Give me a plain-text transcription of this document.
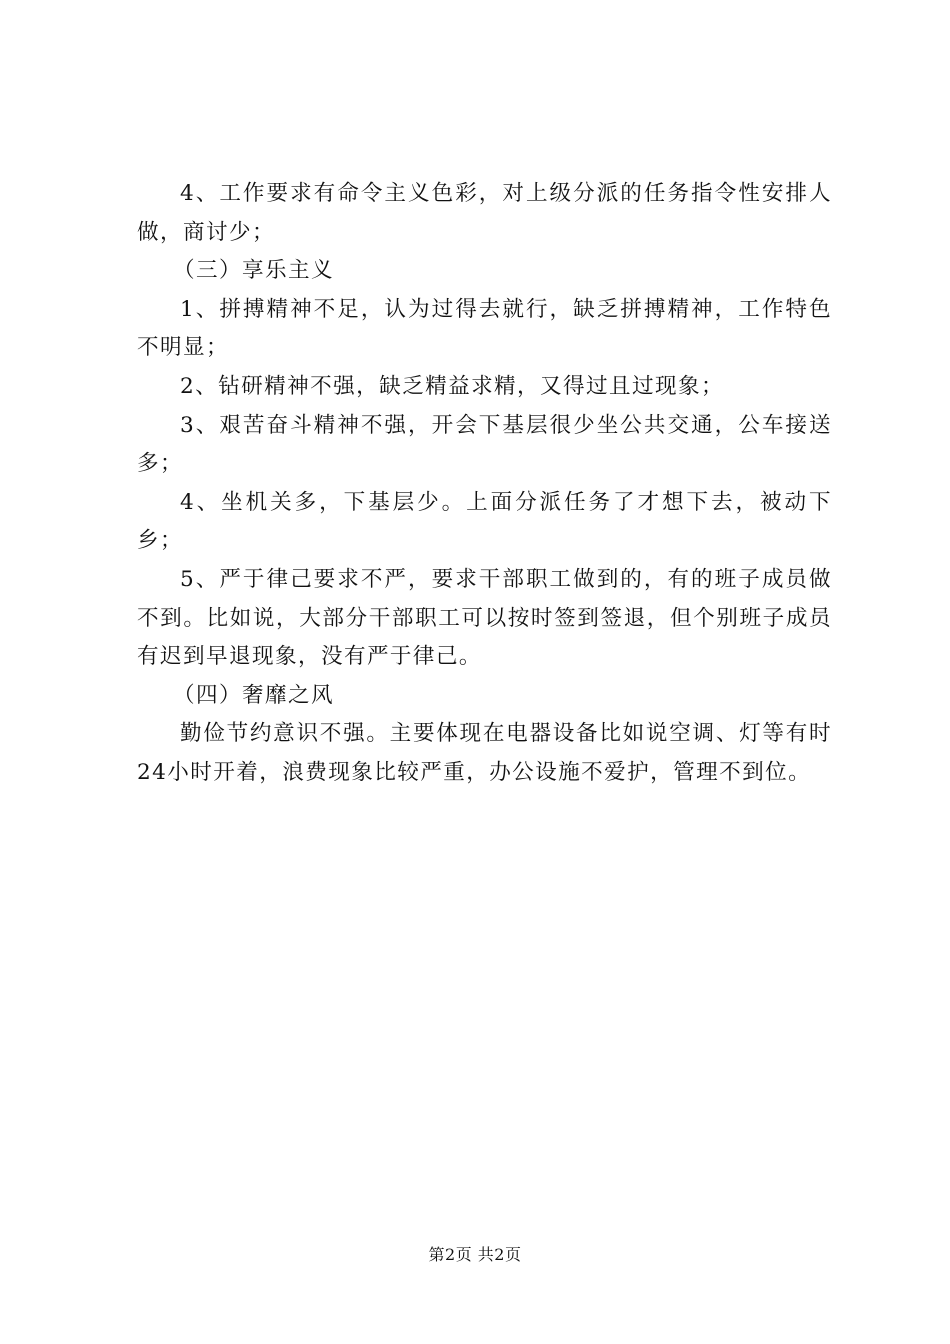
4、工作要求有命令主义色彩，对上级分派的任务指令性安排人做，商讨少；

（三）享乐主义

1、拼搏精神不足，认为过得去就行，缺乏拼搏精神，工作特色不明显；

2、钻研精神不强，缺乏精益求精，又得过且过现象；

3、艰苦奋斗精神不强，开会下基层很少坐公共交通，公车接送多；

4、坐机关多，下基层少。上面分派任务了才想下去，被动下乡；

5、严于律己要求不严，要求干部职工做到的，有的班子成员做不到。比如说，大部分干部职工可以按时签到签退，但个别班子成员有迟到早退现象，没有严于律己。

（四）奢靡之风

勤俭节约意识不强。主要体现在电器设备比如说空调、灯等有时24小时开着，浪费现象比较严重，办公设施不爱护，管理不到位。

第2页 共2页
